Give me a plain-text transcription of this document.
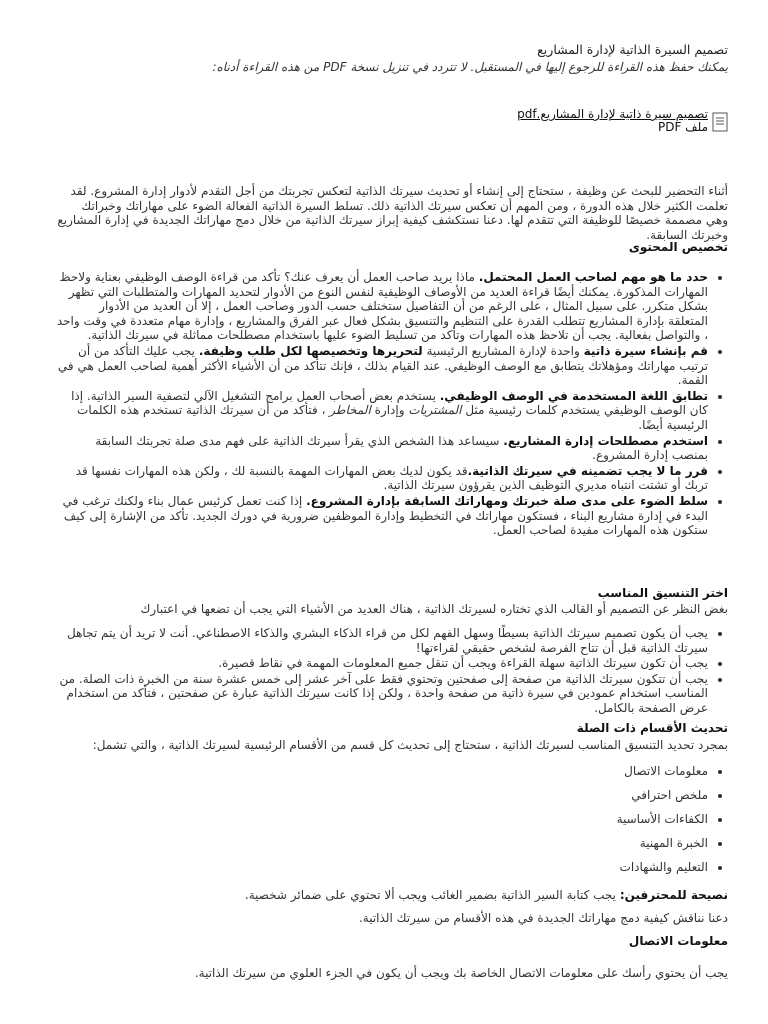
تصميم السيرة الذاتية لإدارة المشاريع
يمكنك حفظ هذه القراءة للرجوع إليها في المستقبل. لا تتردد في تنزيل نسخة PDF من هذه القراءة أدناه:
تصميم سيرة ذاتية لإدارة المشاريع.pdf
ملف PDF
أثناء التحضير للبحث عن وظيفة ، ستحتاج إلى إنشاء أو تحديث سيرتك الذاتية لتعكس تجربتك من أجل التقدم لأدوار إدارة المشروع. لقد تعلمت الكثير خلال هذه الدورة ، ومن المهم أن تعكس سيرتك الذاتية ذلك. تسلط السيرة الذاتية الفعالة الضوء على مهاراتك وخبراتك وهي مصممة خصيصًا للوظيفة التي تتقدم لها. دعنا نستكشف كيفية إبراز سيرتك الذاتية من خلال دمج مهاراتك الجديدة في إدارة المشاريع وخبرتك السابقة.
تخصيص المحتوى
• حدد ما هو مهم لصاحب العمل المحتمل. ماذا يريد صاحب العمل أن يعرف عنك؟ تأكد من قراءة الوصف الوظيفي بعناية ولاحظ المهارات المذكورة. يمكنك أيضًا قراءة العديد من الأوصاف الوظيفية لنفس النوع من الأدوار لتحديد المهارات والمتطلبات التي تظهر بشكل متكرر. على سبيل المثال ، على الرغم من أن التفاصيل ستختلف حسب الدور وصاحب العمل ، إلا أن العديد من الأدوار المتعلقة بإدارة المشاريع تتطلب القدرة على التنظيم والتنسيق بشكل فعال عبر الفرق والمشاريع ، وإدارة مهام متعددة في وقت واحد ، والتواصل بفعالية. يجب أن تلاحظ هذه المهارات وتأكد من تسليط الضوء عليها باستخدام مصطلحات مماثلة في سيرتك الذاتية.
• قم بإنشاء سيرة ذاتية واحدة لإدارة المشاريع الرئيسية لتحريرها وتخصيصها لكل طلب وظيفة. يجب عليك التأكد من أن ترتيب مهاراتك ومؤهلاتك يتطابق مع الوصف الوظيفي. عند القيام بذلك ، فإنك تتأكد من أن الأشياء الأكثر أهمية لصاحب العمل هي في القمة.
• تطابق اللغة المستخدمة في الوصف الوظيفي. يستخدم بعض أصحاب العمل برامج التشغيل الآلي لتصفية السير الذاتية. إذا كان الوصف الوظيفي يستخدم كلمات رئيسية مثل المشتريات وإدارة المخاطر ، فتأكد من أن سيرتك الذاتية تستخدم هذه الكلمات الرئيسية أيضًا.
• استخدم مصطلحات إدارة المشاريع. سيساعد هذا الشخص الذي يقرأ سيرتك الذاتية على فهم مدى صلة تجربتك السابقة بمنصب إدارة المشروع.
• قرر ما لا يجب تضمينه في سيرتك الذاتية.قد يكون لديك بعض المهارات المهمة بالنسبة لك ، ولكن هذه المهارات نفسها قد تربك أو تشتت انتباه مديري التوظيف الذين يقرؤون سيرتك الذاتية.
• سلط الضوء على مدى صلة خبرتك ومهاراتك السابقة بإدارة المشروع. إذا كنت تعمل كرئيس عمال بناء ولكنك ترغب في البدء في إدارة مشاريع البناء ، فستكون مهاراتك في التخطيط وإدارة الموظفين ضرورية في دورك الجديد. تأكد من الإشارة إلى كيف ستكون هذه المهارات مفيدة لصاحب العمل.
اختر التنسيق المناسب
بغض النظر عن التصميم أو القالب الذي تختاره لسيرتك الذاتية ، هناك العديد من الأشياء التي يجب أن تضعها في اعتبارك
• يجب أن يكون تصميم سيرتك الذاتية بسيطًا وسهل الفهم لكل من قراء الذكاء البشري والذكاء الاصطناعي. أنت لا تريد أن يتم تجاهل سيرتك الذاتية قبل أن تتاح الفرصة لشخص حقيقي لقراءتها!
• يجب أن تكون سيرتك الذاتية سهلة القراءة ويجب أن تنقل جميع المعلومات المهمة في نقاط قصيرة.
• يجب أن تتكون سيرتك الذاتية من صفحة إلى صفحتين وتحتوي فقط على آخر عشر إلى خمس عشرة سنة من الخبرة ذات الصلة. من المناسب استخدام عمودين في سيرة ذاتية من صفحة واحدة ، ولكن إذا كانت سيرتك الذاتية عبارة عن صفحتين ، فتأكد من استخدام عرض الصفحة بالكامل.
تحديث الأقسام ذات الصلة
بمجرد تحديد التنسيق المناسب لسيرتك الذاتية ، ستحتاج إلى تحديث كل قسم من الأقسام الرئيسية لسيرتك الذاتية ، والتي تشمل:
• معلومات الاتصال
• ملخص احترافي
• الكفاءات الأساسية
• الخبرة المهنية
• التعليم والشهادات
نصيحة للمحترفين: يجب كتابة السير الذاتية بضمير الغائب ويجب ألا تحتوي على ضمائر شخصية.
دعنا نناقش كيفية دمج مهاراتك الجديدة في هذه الأقسام من سيرتك الذاتية.
معلومات الاتصال
يجب أن يحتوي رأسك على معلومات الاتصال الخاصة بك ويجب أن يكون في الجزء العلوي من سيرتك الذاتية.
